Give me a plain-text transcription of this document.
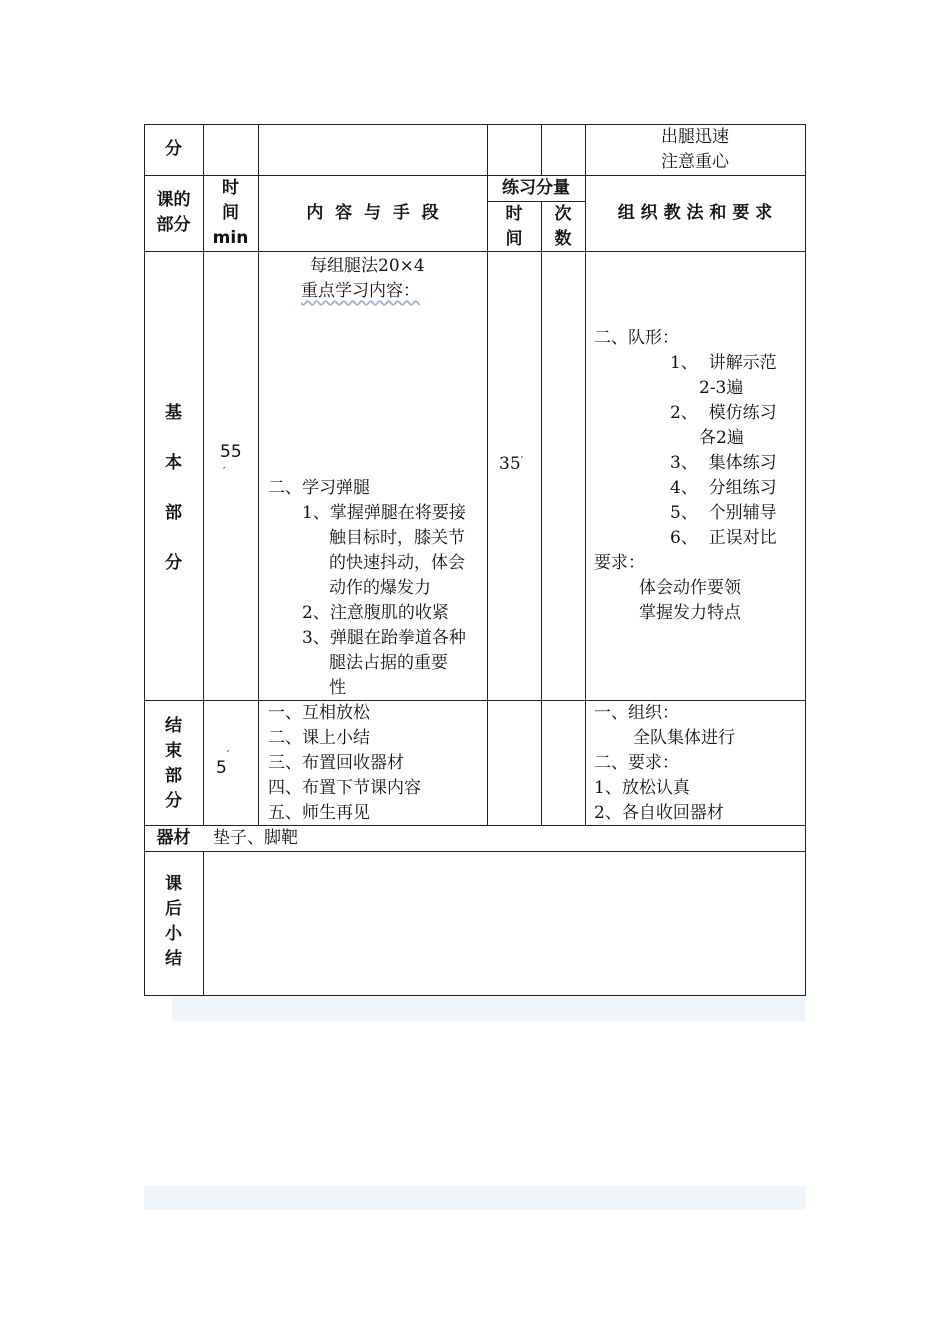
分
出腿迅速
注意重心
课的
部分
时
间
min
内  容  与  手  段
练习分量
时
间
次
数
组 织 教 法 和 要 求
基
本
部
分
55
′
每组腿法20×4
重点学习内容：
二、学习弹腿
1、掌握弹腿在将要接
触目标时，膝关节
的快速抖动，体会
动作的爆发力
2、注意腹肌的收紧
3、弹腿在跆拳道各种
腿法占据的重要
性
35′
二、队形：
1、  讲解示范
2-3遍
2、  模仿练习
各2遍
3、  集体练习
4、  分组练习
5、  个别辅导
6、  正误对比
要求：
体会动作要领
掌握发力特点
结
束
部
分
5′
一、互相放松
二、课上小结
三、布置回收器材
四、布置下节课内容
五、师生再见
一、组织：
全队集体进行
二、要求：
1、放松认真
2、各自收回器材
器材	垫子、脚靶
课
后
小
结
